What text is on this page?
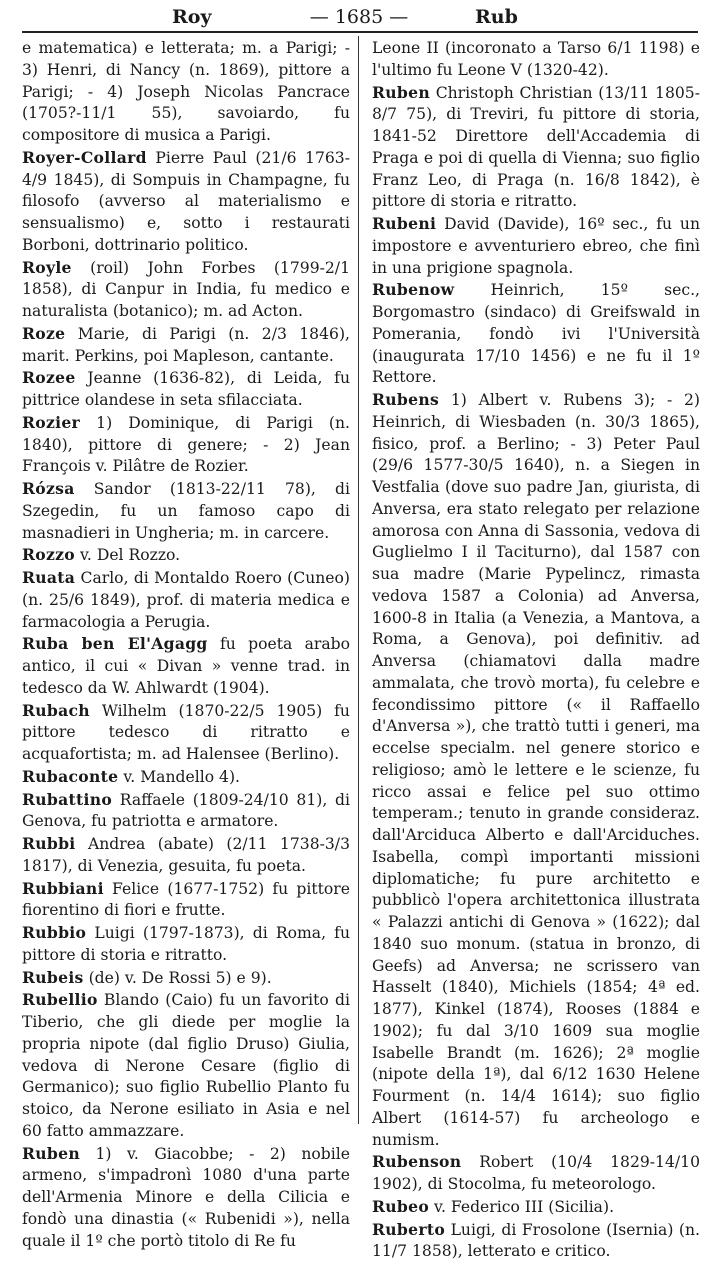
Roy	— 1685 —	Rub

e matematica) e letterata; m. a Parigi; - 3) Henri, di Nancy (n. 1869), pittore a Parigi; - 4) Joseph Nicolas Pancrace (1705?-11/1 55), savoiardo, fu compositore di musica a Parigi.

Royer-Collard Pierre Paul (21/6 1763-4/9 1845), di Sompuis in Champagne, fu filosofo (avverso al materialismo e sensualismo) e, sotto i restaurati Borboni, dottrinario politico.

Royle (roil) John Forbes (1799-2/1 1858), di Canpur in India, fu medico e naturalista (botanico); m. ad Acton.

Roze Marie, di Parigi (n. 2/3 1846), marit. Perkins, poi Mapleson, cantante.

Rozee Jeanne (1636-82), di Leida, fu pittrice olandese in seta sfilacciata.

Rozier 1) Dominique, di Parigi (n. 1840), pittore di genere; - 2) Jean François v. Pilâtre de Rozier.

Rózsa Sandor (1813-22/11 78), di Szegedin, fu un famoso capo di masnadieri in Ungheria; m. in carcere.

Rozzo v. Del Rozzo.

Ruata Carlo, di Montaldo Roero (Cuneo) (n. 25/6 1849), prof. di materia medica e farmacologia a Perugia.

Ruba ben El'Agagg fu poeta arabo antico, il cui « Divan » venne trad. in tedesco da W. Ahlwardt (1904).

Rubach Wilhelm (1870-22/5 1905) fu pittore tedesco di ritratto e acquafortista; m. ad Halensee (Berlino).

Rubaconte v. Mandello 4).

Rubattino Raffaele (1809-24/10 81), di Genova, fu patriotta e armatore.

Rubbi Andrea (abate) (2/11 1738-3/3 1817), di Venezia, gesuita, fu poeta.

Rubbiani Felice (1677-1752) fu pittore fiorentino di fiori e frutte.

Rubbio Luigi (1797-1873), di Roma, fu pittore di storia e ritratto.

Rubeis (de) v. De Rossi 5) e 9).

Rubellio Blando (Caio) fu un favorito di Tiberio, che gli diede per moglie la propria nipote (dal figlio Druso) Giulia, vedova di Nerone Cesare (figlio di Germanico); suo figlio Rubellio Planto fu stoico, da Nerone esiliato in Asia e nel 60 fatto ammazzare.

Ruben 1) v. Giacobbe; - 2) nobile armeno, s'impadronì 1080 d'una parte dell'Armenia Minore e della Cilicia e fondò una dinastia (« Rubenidi »), nella quale il 1º che portò titolo di Re fu

Leone II (incoronato a Tarso 6/1 1198) e l'ultimo fu Leone V (1320-42).

Ruben Christoph Christian (13/11 1805-8/7 75), di Treviri, fu pittore di storia, 1841-52 Direttore dell'Accademia di Praga e poi di quella di Vienna; suo figlio Franz Leo, di Praga (n. 16/8 1842), è pittore di storia e ritratto.

Rubeni David (Davide), 16º sec., fu un impostore e avventuriero ebreo, che finì in una prigione spagnola.

Rubenow Heinrich, 15º sec., Borgomastro (sindaco) di Greifswald in Pomerania, fondò ivi l'Università (inaugurata 17/10 1456) e ne fu il 1º Rettore.

Rubens 1) Albert v. Rubens 3); - 2) Heinrich, di Wiesbaden (n. 30/3 1865), fisico, prof. a Berlino; - 3) Peter Paul (29/6 1577-30/5 1640), n. a Siegen in Vestfalia (dove suo padre Jan, giurista, di Anversa, era stato relegato per relazione amorosa con Anna di Sassonia, vedova di Guglielmo I il Taciturno), dal 1587 con sua madre (Marie Pypelincz, rimasta vedova 1587 a Colonia) ad Anversa, 1600-8 in Italia (a Venezia, a Mantova, a Roma, a Genova), poi definitiv. ad Anversa (chiamatovi dalla madre ammalata, che trovò morta), fu celebre e fecondissimo pittore (« il Raffaello d'Anversa »), che trattò tutti i generi, ma eccelse specialm. nel genere storico e religioso; amò le lettere e le scienze, fu ricco assai e felice pel suo ottimo temperam.; tenuto in grande considerаz. dall'Arciduca Alberto e dall'Arciduches. Isabella, compì importanti missioni diplomatiche; fu pure architetto e pubblicò l'opera architettonica illustrata « Palazzi antichi di Genova » (1622); dal 1840 suo monum. (statua in bronzo, di Geefs) ad Anversa; ne scrissero van Hasselt (1840), Michiels (1854; 4ª ed. 1877), Kinkel (1874), Rooses (1884 e 1902); fu dal 3/10 1609 sua moglie Isabelle Brandt (m. 1626); 2ª moglie (nipote della 1ª), dal 6/12 1630 Helene Fourment (n. 14/4 1614); suo figlio Albert (1614-57) fu archeologo e numism.

Rubenson Robert (10/4 1829-14/10 1902), di Stocolma, fu meteorologo.

Rubeo v. Federico III (Sicilia).

Ruberto Luigi, di Frosolone (Isernia) (n. 11/7 1858), letterato e critico.
